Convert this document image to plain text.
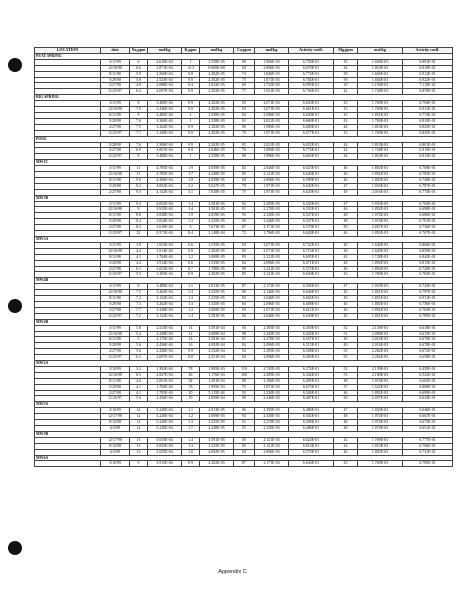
LOCATION	date	Na,ppm	mol/kg	K,ppm	mol/kg	Ca,ppm	mol/kg	Activity coeff.	Mg,ppm	mol/kg	Activity coeff.
PEAT SPRING											
	3/11/99	6	2.610E-04	1	2.558E-05	80	1.996E-03	6.750E-01	35	1.604E-03	6.891E-01
	12/16/98	6.6	2.871E-04	<0.3	0.000E+00	84	2.096E-03	6.670E-01	44	1.810E-03	6.819E-01
	8/11/98	5.9	2.566E-04	0.9	2.302E-05	74	1.846E-03	6.774E-01	39	1.604E-03	6.912E-01
	5/29/98	5.8	2.523E-04	0.9	2.302E-05	75	1.871E-03	6.784E-01	39	1.604E-03	6.922E-01
	2/27/98	4.8	2.088E-04	0.4	1.023E-05	69	1.722E-03	6.995E-01	29	1.193E-03	7.118E-01
	11/25/97	6.2	2.697E-04	0.9	2.302E-05	77	1.921E-03	6.736E-01	42	1.728E-03	6.870E-01
BIG SPRING											
	3/11/99	8	3.480E-04	0.9	2.302E-05	83	2.071E-03	6.643E-01	43	1.769E-03	6.794E-01
	12/16/98	7.9	3.436E-04	0.9	2.302E-05	83	2.071E-03	6.661E-01	43	1.769E-03	6.811E-01
	8/11/98	8	3.480E-04	1	2.558E-05	84	2.096E-03	6.630E-01	45	1.851E-03	6.774E-01
	5/29/98	7.6	3.306E-04	1	2.558E-05	81	2.021E-03	6.660E-01	43	1.769E-03	6.810E-01
	2/27/98	7.5	3.262E-04	0.9	2.302E-05	80	1.996E-03	6.680E-01	44	1.810E-03	6.825E-01
	11/25/97	7.7	3.349E-04	0.9	2.302E-05	79	1.971E-03	6.677E-01	43	1.769E-03	6.825E-01
POOL											
	5/29/98	7.6	3.306E-04	0.9	2.302E-05	81	2.021E-03	6.652E-01	44	1.810E-03	6.801E-01
	2/27/98	6.9	3.001E-04	0.8	2.046E-05	76	1.896E-03	6.774E-01	42	1.728E-03	6.919E-01
	11/25/97	8	3.480E-04	1	2.558E-05	80	1.996E-03	6.663E-01	44	1.810E-03	6.813E-01
MW1C											
	3/11/99	11	4.785E-04	1.9	4.859E-05	82	2.046E-03	6.625E-01	46	1.892E-03	6.769E-01
	12/16/98	11	4.785E-04	1.7	4.348E-05	85	2.121E-03	6.640E-01	46	1.892E-03	6.783E-01
	8/11/98	9.9	4.306E-04	1.9	4.859E-05	84	2.096E-03	6.599E-01	46	1.892E-03	6.740E-01
	5/29/98	9.2	4.002E-04	2.2	5.627E-05	79	1.971E-03	6.645E-01	47	1.933E-03	6.787E-01
	2/27/98	9.5	4.132E-04	3.1	7.928E-05	75	1.871E-03	6.620E-01	49	2.016E-03	6.774E-01
MW3B											
	3/11/99	9.2	4.002E-04	1.4	3.581E-05	92	2.295E-03	6.543E-01	47	1.933E-03	6.702E-01
	12/16/98	9	3.915E-04	1.4	3.581E-05	91	2.270E-03	6.555E-01	46	1.892E-03	6.698E-01
	8/11/98	8.8	3.828E-04	1.9	4.859E-05	93	2.320E-03	6.527E-01	48	1.974E-03	6.680E-01
	5/29/98	8.4	3.654E-04	1.3	3.325E-05	90	2.246E-03	6.547E-01	48	1.974E-03	6.701E-01
	2/27/98	8.3	3.610E-04	3	7.673E-05	87	2.171E-03	6.579E-01	50	2.057E-03	6.736E-01
	11/25/97	22	9.571E-04	8.4	2.148E-04	72	1.796E-03	6.620E-01	46	1.892E-03	6.767E-01
MW3A											
	3/11/99	3.8	1.653E-04	0.6	1.535E-05	83	2.071E-03	6.722E-01	40	1.645E-03	6.866E-01
	12/16/98	4.4	1.914E-04	0.9	2.302E-05	83	2.071E-03	6.715E-01	40	1.645E-03	6.859E-01
	8/11/98	4.1	1.784E-04	1.2	3.069E-05	85	2.121E-03	6.695E-01	41	1.728E-03	6.842E-01
	5/29/98	4.4	1.914E-04	0.6	1.535E-05	84	2.096E-03	6.671E-01	46	1.892E-03	6.815E-01
	2/27/98	6.1	2.653E-04	0.7	1.790E-05	89	2.221E-03	6.575E-01	46	1.892E-03	6.728E-01
	11/25/97	5.3	2.305E-04	0.9	2.302E-05	85	2.121E-03	6.630E-01	43	1.769E-03	6.782E-01
MW4B											
	3/11/99	8	3.480E-04	1.1	2.813E-05	87	2.171E-03	6.594E-01	47	1.933E-03	6.743E-01
	12/16/98	7.5	3.262E-04	1.3	3.325E-05	86	2.146E-03	6.646E-01	45	1.851E-03	6.797E-01
	8/11/98	7.2	3.132E-04	1.3	3.325E-05	82	2.046E-03	6.665E-01	45	1.851E-03	6.811E-01
	5/29/98	7.5	3.262E-04	1.3	3.325E-05	84	2.096E-03	6.608E-01	46	1.892E-03	6.756E-01
	2/27/98	7.7	3.349E-04	1.2	3.069E-05	83	2.071E-03	6.611E-01	46	1.892E-03	6.763E-01
	11/25/97	7.2	3.132E-04	1.4	3.581E-05	82	2.046E-03	6.639E-01	45	1.851E-03	6.785E-01
MW2B											
	3/11/99	5.8	2.523E-04	14	3.581E-04	94	2.395E-03	6.450E-01	52	2.139E-03	6.618E-01
	12/16/98	5.4	2.349E-04	12	3.069E-04	98	2.445E-03	6.445E-01	51	2.098E-03	6.615E-01
	8/11/98	5	2.175E-04	14	3.581E-04	91	2.270E-03	6.507E-01	49	2.016E-03	6.670E-01
	5/29/98	5.6	2.436E-04	16	4.092E-04	84	2.096E-03	6.515E-01	49	2.016E-03	6.678E-01
	2/27/98	5.6	2.436E-04	9.9	2.532E-04	92	2.295E-03	6.508E-01	55	2.262E-03	6.672E-01
	11/25/97	6.2	2.697E-04	8.8	2.251E-04	84	2.096E-03	6.493E-01	55	2.262E-03	6.658E-01
MW2A											
	3/10/99	3.2	1.392E-04	78	1.995E-03	110	2.745E-03	6.274E-01	52	2.139E-03	6.459E-01
	12/16/98	6.5	2.827E-04	46	1.176E-03	100	2.495E-03	6.344E-01	53	2.180E-03	6.522E-01
	8/11/98	4.6	2.001E-04	54	1.381E-03	88	2.196E-03	6.495E-01	48	1.974E-03	6.665E-01
	5/29/98	4.1	1.784E-04	78	1.995E-03	75	1.871E-03	6.675E-01	37	1.522E-03	6.808E-01
	2/27/98	4.1	1.785E-04	20	5.115E-04	93	2.320E-03	6.549E-01	46	1.892E-03	6.699E-01
	11/25/97	5.6	2.436E-04	19	4.859E-04	90	2.246E-03	6.467E-01	50	2.057E-03	6.634E-01
MW5A											
	3/10/99	12	5.220E-04	1.1	2.813E-05	96	2.395E-03	6.480E-01	47	1.933E-03	6.646E-01
	12/17/98	12	5.220E-04	1.2	3.069E-05	93	2.320E-03	6.502E-01	48	1.974E-03	6.667E-01
	8/12/98	12	5.220E-04	1.3	3.325E-05	91	2.270E-03	6.509E-01	48	1.974E-03	6.673E-01
	6/3/98	12	5.220E-04	1.7	4.348E-05	93	2.320E-03	6.486E-01	48	1.974E-03	6.651E-01
MW5B											
	12/17/98	13	5.655E-04	1.4	3.581E-05	85	2.121E-03	6.624E-01	43	1.769E-03	6.777E-01
	8/12/98	13	5.655E-04	1.3	3.325E-05	85	2.121E-03	6.614E-01	44	1.810E-03	6.766E-01
	6/3/98	13	5.655E-04	1.6	4.092E-05	84	2.096E-03	6.579E-01	46	1.892E-03	6.731E-01
MW6A											
	3/10/99	9	3.915E-04	0.9	2.302E-05	87	2.171E-03	6.636E-01	43	1.769E-03	6.789E-01
Appendix C
